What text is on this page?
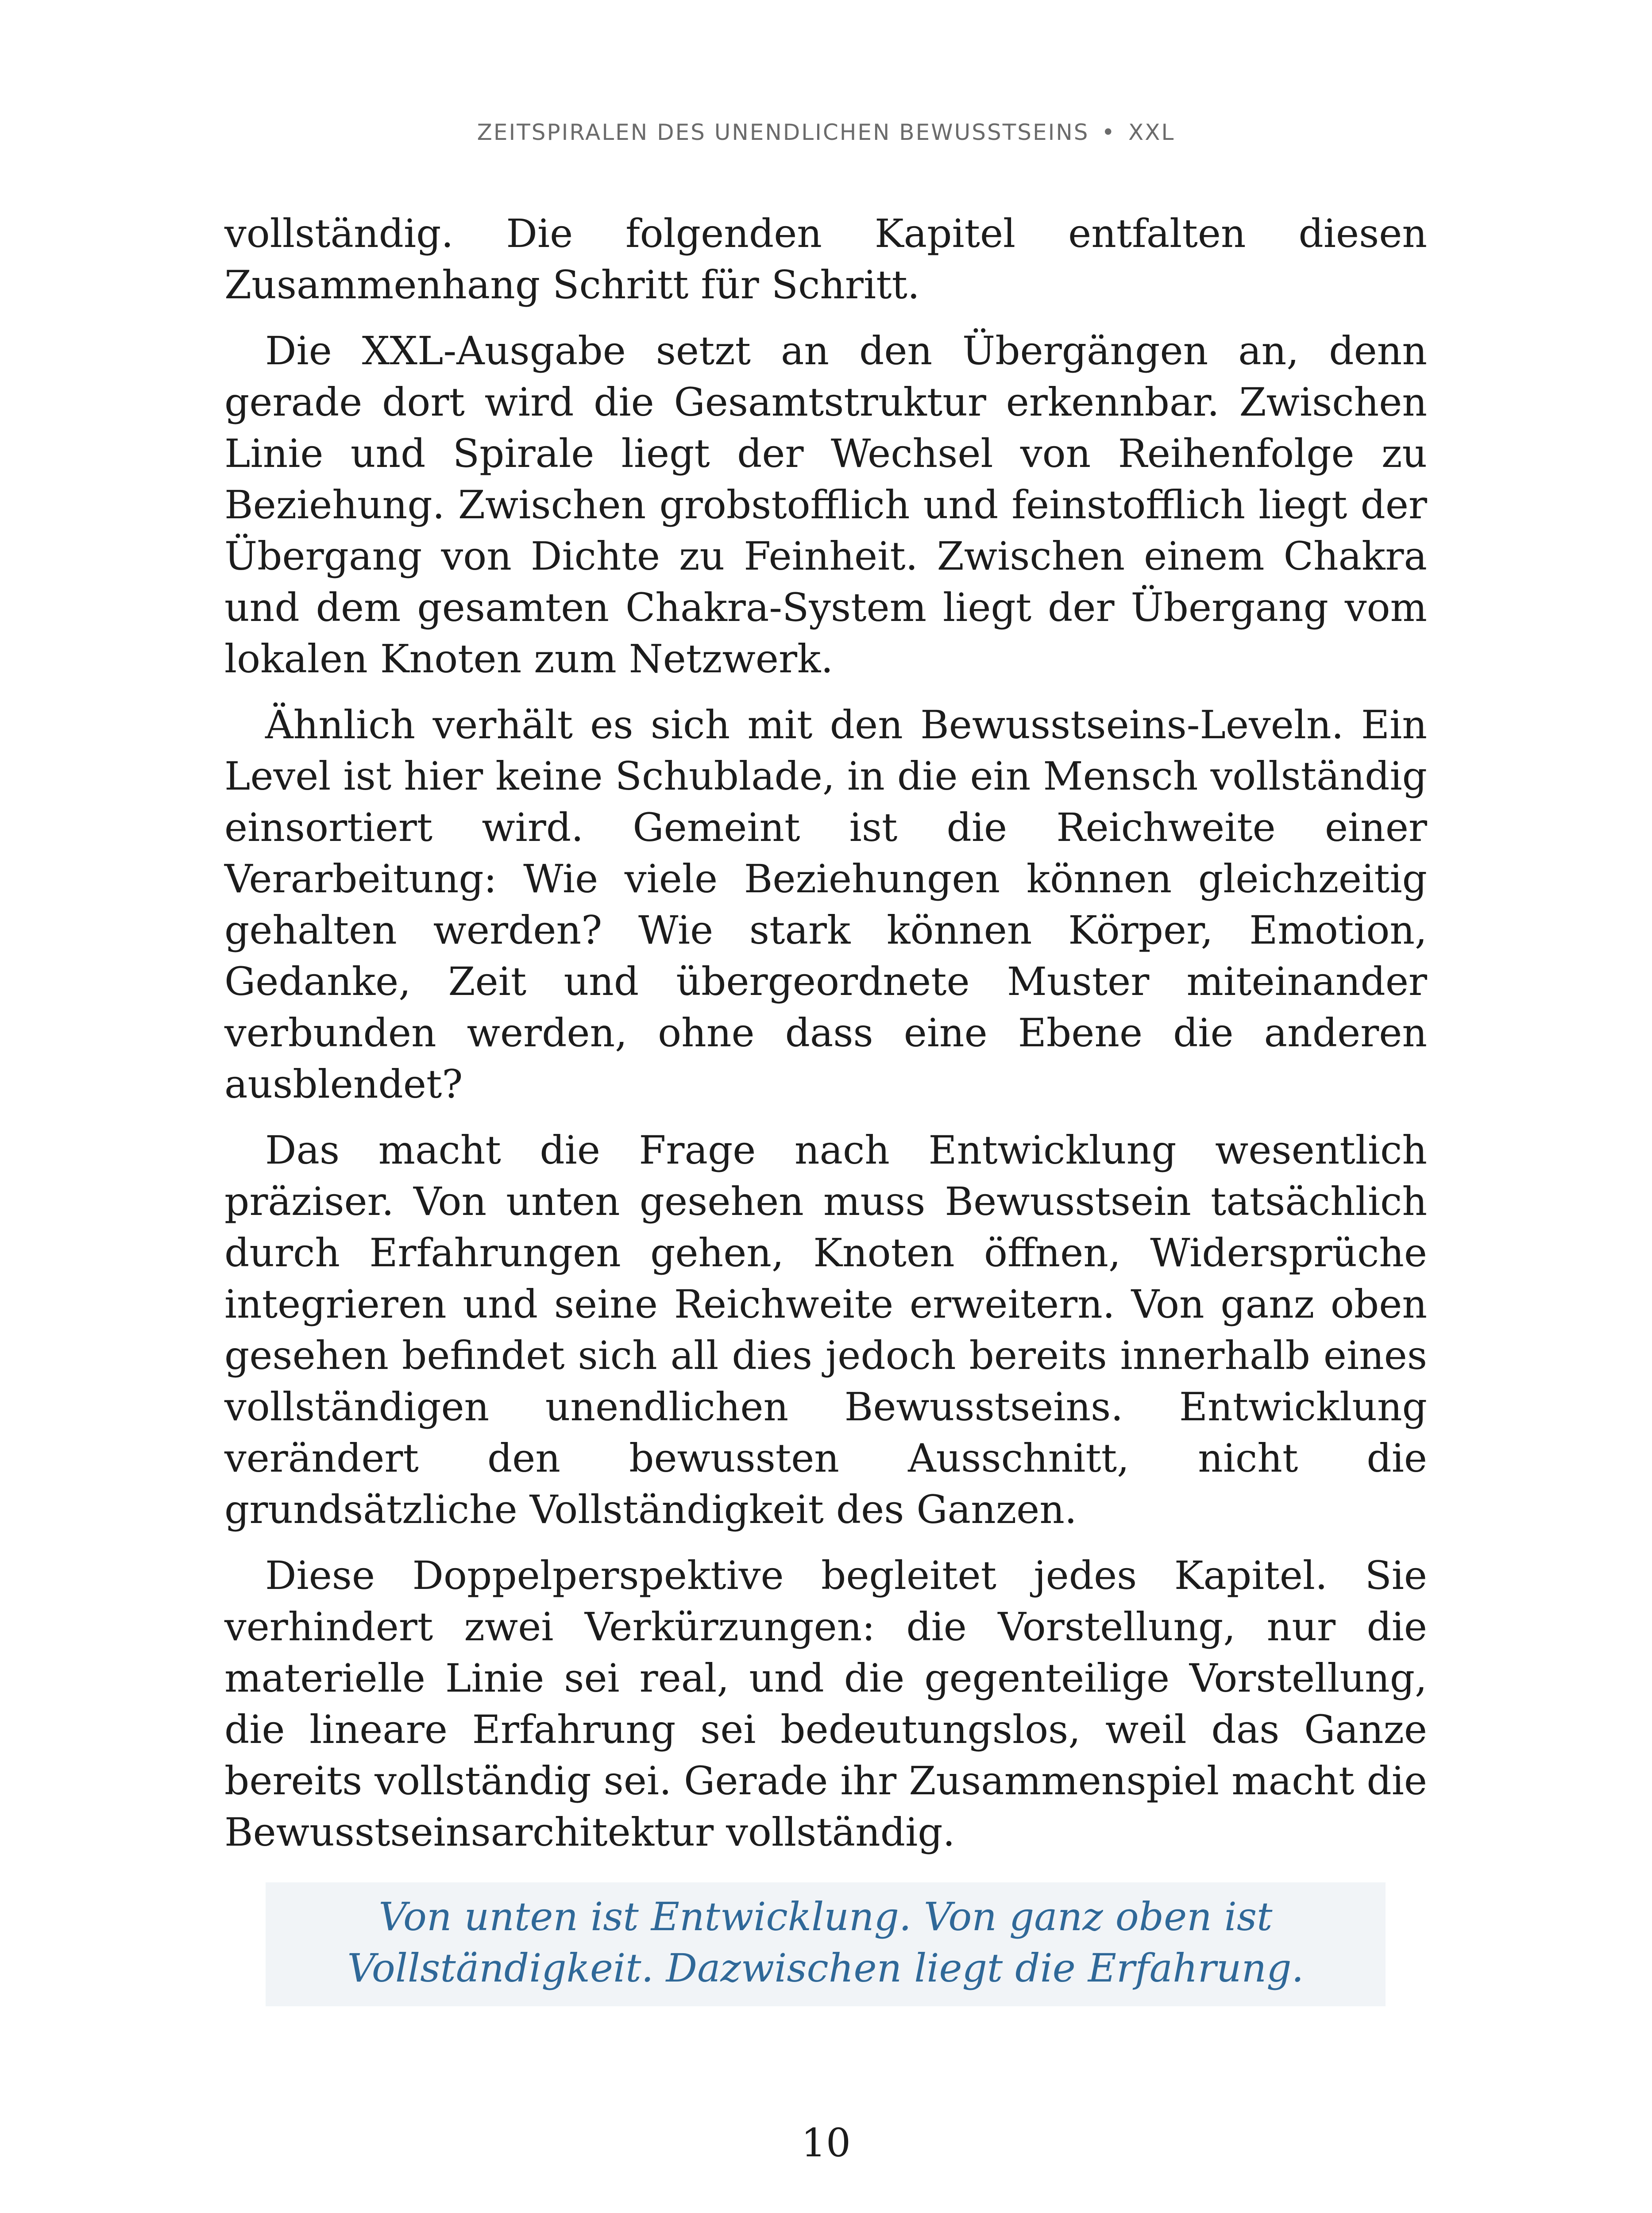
ZEITSPIRALEN DES UNENDLICHEN BEWUSSTSEINS • XXL

vollständig. Die folgenden Kapitel entfalten diesen Zusammenhang Schritt für Schritt.

Die XXL-Ausgabe setzt an den Übergängen an, denn gerade dort wird die Gesamtstruktur erkennbar. Zwischen Linie und Spirale liegt der Wechsel von Reihenfolge zu Beziehung. Zwischen grobstofflich und feinstofflich liegt der Übergang von Dichte zu Feinheit. Zwischen einem Chakra und dem gesamten Chakra-System liegt der Übergang vom lokalen Knoten zum Netzwerk.

Ähnlich verhält es sich mit den Bewusstseins-Leveln. Ein Level ist hier keine Schublade, in die ein Mensch vollständig einsortiert wird. Gemeint ist die Reichweite einer Verarbeitung: Wie viele Beziehungen können gleichzeitig gehalten werden? Wie stark können Körper, Emotion, Gedanke, Zeit und übergeordnete Muster miteinander verbunden werden, ohne dass eine Ebene die anderen ausblendet?

Das macht die Frage nach Entwicklung wesentlich präziser. Von unten gesehen muss Bewusstsein tatsächlich durch Erfahrungen gehen, Knoten öffnen, Widersprüche integrieren und seine Reichweite erweitern. Von ganz oben gesehen befindet sich all dies jedoch bereits innerhalb eines vollständigen unendlichen Bewusstseins. Entwicklung verändert den bewussten Ausschnitt, nicht die grundsätzliche Vollständigkeit des Ganzen.

Diese Doppelperspektive begleitet jedes Kapitel. Sie verhindert zwei Verkürzungen: die Vorstellung, nur die materielle Linie sei real, und die gegenteilige Vorstellung, die lineare Erfahrung sei bedeutungslos, weil das Ganze bereits vollständig sei. Gerade ihr Zusammenspiel macht die Bewusstseinsarchitektur vollständig.

Von unten ist Entwicklung. Von ganz oben ist Vollständigkeit. Dazwischen liegt die Erfahrung.

10
